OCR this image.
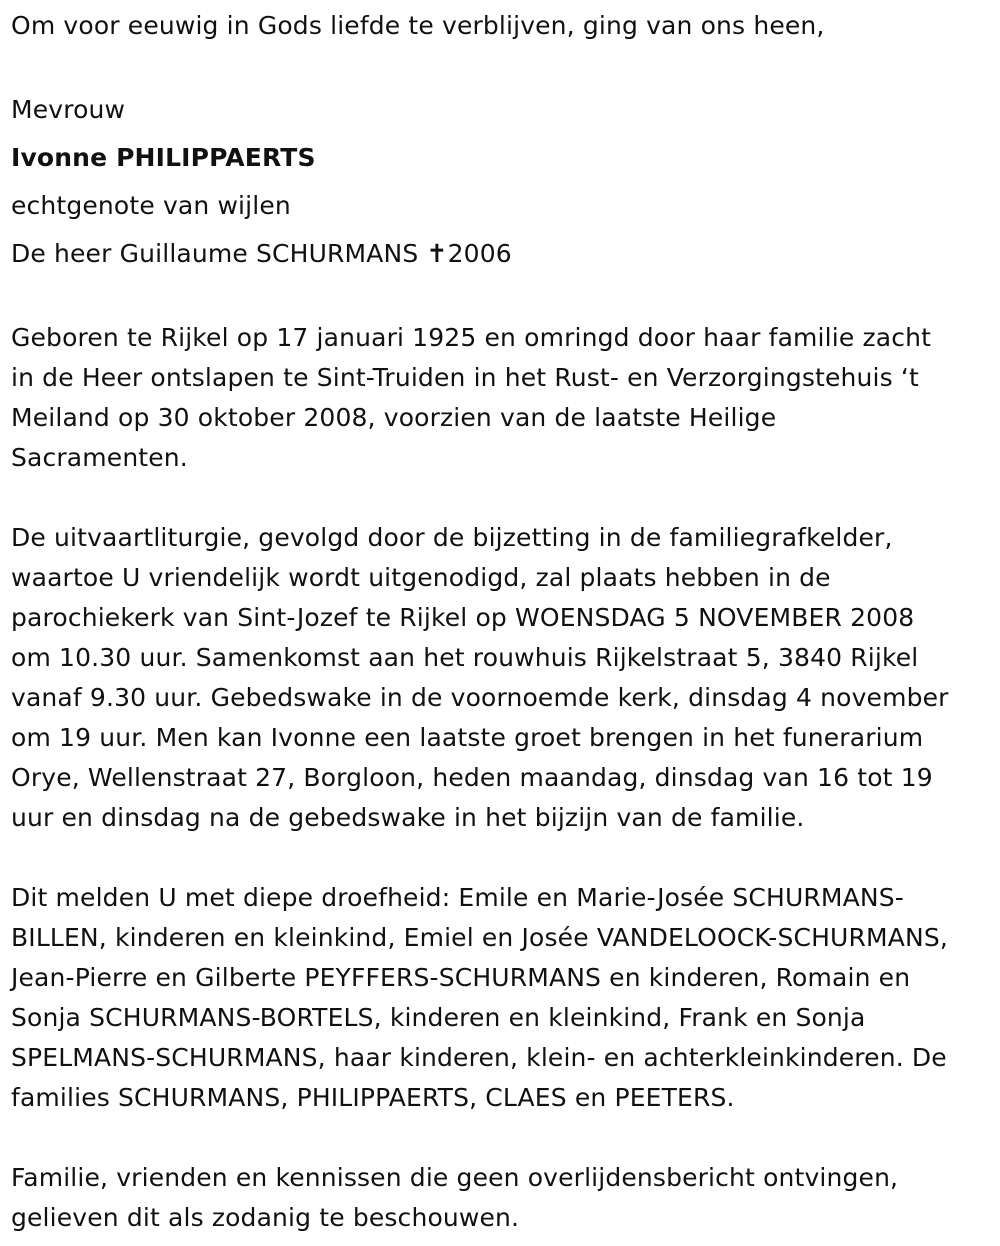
Om voor eeuwig in Gods liefde te verblijven, ging van ons heen,
Mevrouw
Ivonne PHILIPPAERTS
echtgenote van wijlen
De heer Guillaume SCHURMANS ✝2006
Geboren te Rijkel op 17 januari 1925 en omringd door haar familie zacht
in de Heer ontslapen te Sint-Truiden in het Rust- en Verzorgingstehuis ‘t
Meiland op 30 oktober 2008, voorzien van de laatste Heilige
Sacramenten.
De uitvaartliturgie, gevolgd door de bijzetting in de familiegrafkelder,
waartoe U vriendelijk wordt uitgenodigd, zal plaats hebben in de
parochiekerk van Sint-Jozef te Rijkel op WOENSDAG 5 NOVEMBER 2008
om 10.30 uur. Samenkomst aan het rouwhuis Rijkelstraat 5, 3840 Rijkel
vanaf 9.30 uur. Gebedswake in de voornoemde kerk, dinsdag 4 november
om 19 uur. Men kan Ivonne een laatste groet brengen in het funerarium
Orye, Wellenstraat 27, Borgloon, heden maandag, dinsdag van 16 tot 19
uur en dinsdag na de gebedswake in het bijzijn van de familie.
Dit melden U met diepe droefheid: Emile en Marie-Josée SCHURMANS-
BILLEN, kinderen en kleinkind, Emiel en Josée VANDELOOCK-SCHURMANS,
Jean-Pierre en Gilberte PEYFFERS-SCHURMANS en kinderen, Romain en
Sonja SCHURMANS-BORTELS, kinderen en kleinkind, Frank en Sonja
SPELMANS-SCHURMANS, haar kinderen, klein- en achterkleinkinderen. De
families SCHURMANS, PHILIPPAERTS, CLAES en PEETERS.
Familie, vrienden en kennissen die geen overlijdensbericht ontvingen,
gelieven dit als zodanig te beschouwen.
